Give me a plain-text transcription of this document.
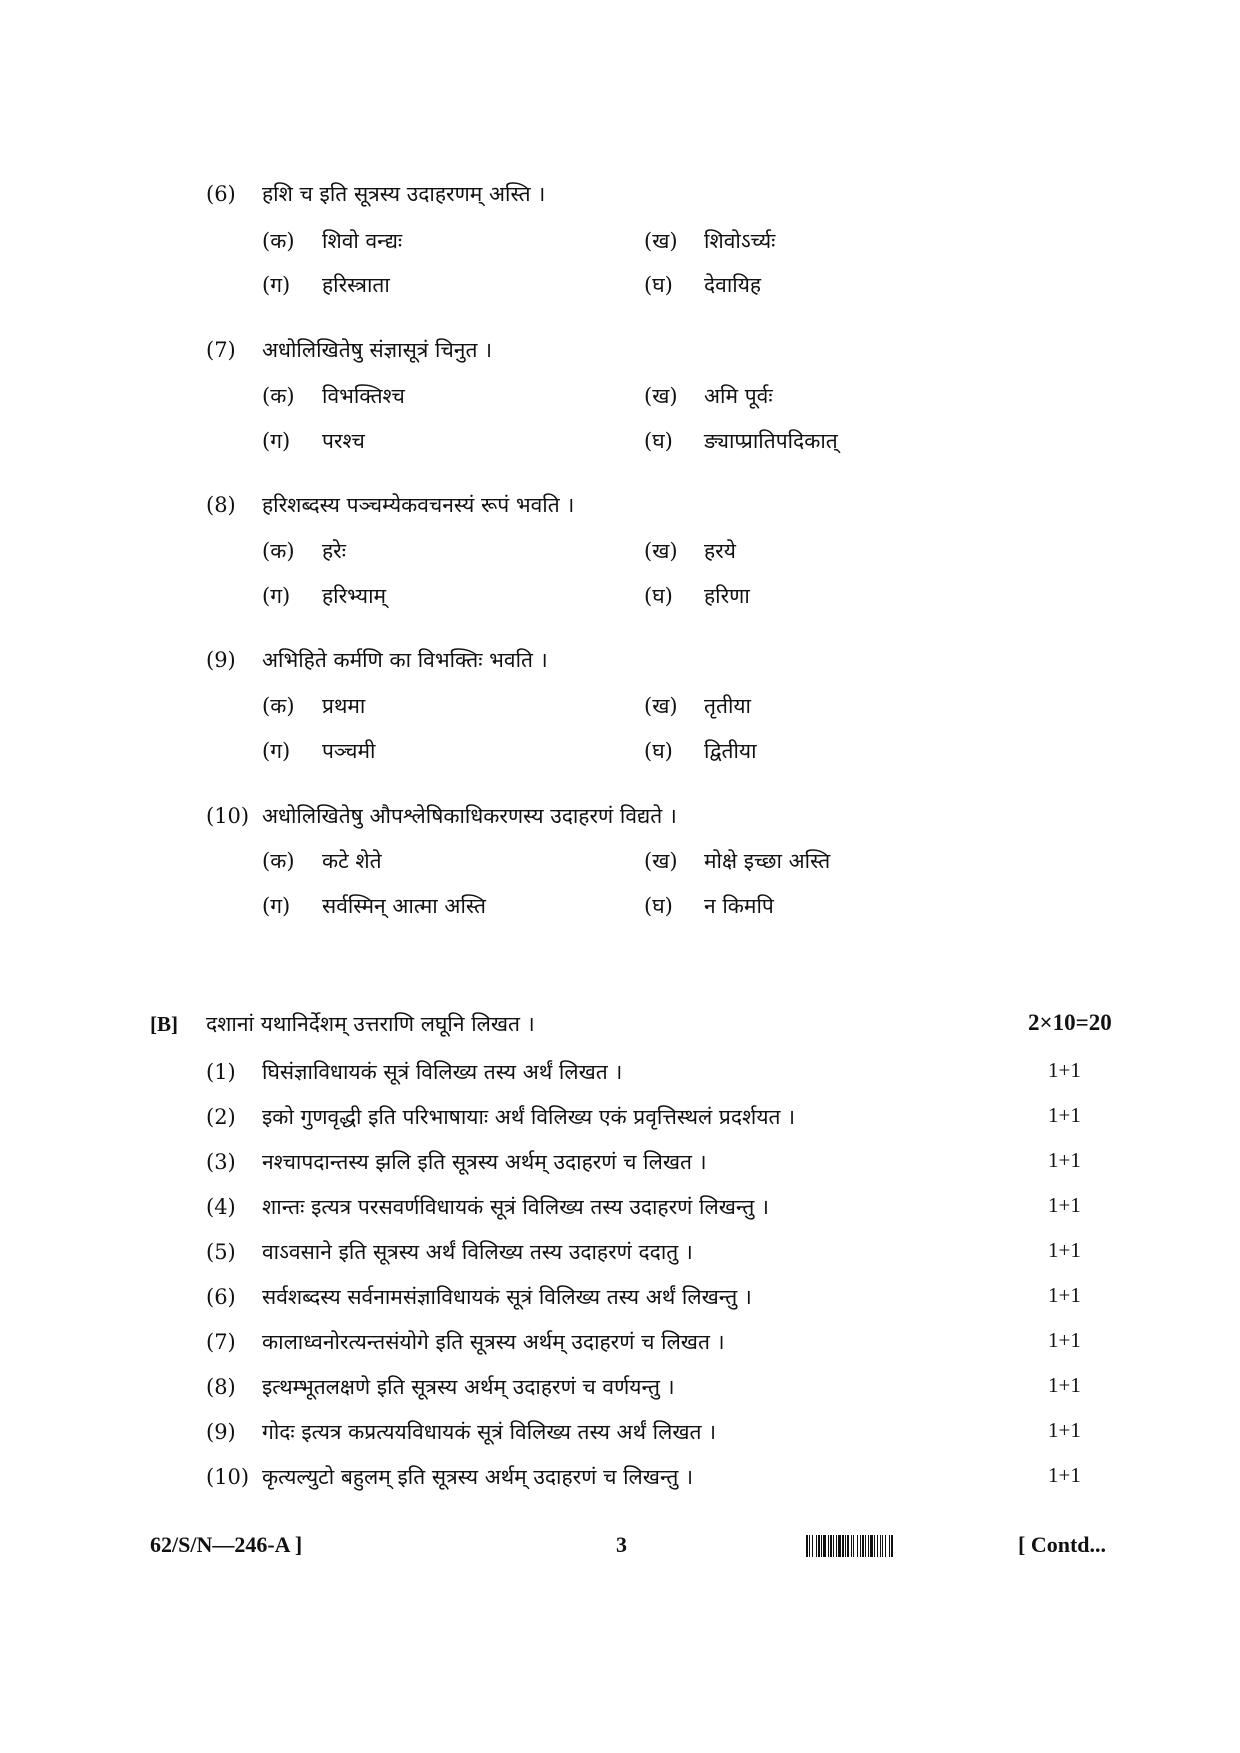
(6) हशि च इति सूत्रस्य उदाहरणम् अस्ति ।
(क) शिवो वन्द्यः	(ख) शिवोऽर्च्यः
(ग) हरिस्त्राता	(घ) देवायिह
(7) अधोलिखितेषु संज्ञासूत्रं चिनुत ।
(क) विभक्तिश्च	(ख) अमि पूर्वः
(ग) परश्च	(घ) ङ्याप्प्रातिपदिकात्
(8) हरिशब्दस्य पञ्चम्येकवचनस्यं रूपं भवति ।
(क) हरेः	(ख) हरये
(ग) हरिभ्याम्	(घ) हरिणा
(9) अभिहिते कर्मणि का विभक्तिः भवति ।
(क) प्रथमा	(ख) तृतीया
(ग) पञ्चमी	(घ) द्वितीया
(10) अधोलिखितेषु औपश्लेषिकाधिकरणस्य उदाहरणं विद्यते ।
(क) कटे शेते	(ख) मोक्षे इच्छा अस्ति
(ग) सर्वस्मिन् आत्मा अस्ति	(घ) न किमपि
[B] दशानां यथानिर्देशम् उत्तराणि लघूनि लिखत ।	2×10=20
(1) घिसंज्ञाविधायकं सूत्रं विलिख्य तस्य अर्थं लिखत ।	1+1
(2) इको गुणवृद्धी इति परिभाषायाः अर्थं विलिख्य एकं प्रवृत्तिस्थलं प्रदर्शयत ।	1+1
(3) नश्चापदान्तस्य झलि इति सूत्रस्य अर्थम् उदाहरणं च लिखत ।	1+1
(4) शान्तः इत्यत्र परसवर्णविधायकं सूत्रं विलिख्य तस्य उदाहरणं लिखन्तु ।	1+1
(5) वाऽवसाने इति सूत्रस्य अर्थं विलिख्य तस्य उदाहरणं ददातु ।	1+1
(6) सर्वशब्दस्य सर्वनामसंज्ञाविधायकं सूत्रं विलिख्य तस्य अर्थं लिखन्तु ।	1+1
(7) कालाध्वनोरत्यन्तसंयोगे इति सूत्रस्य अर्थम् उदाहरणं च लिखत ।	1+1
(8) इत्थम्भूतलक्षणे इति सूत्रस्य अर्थम् उदाहरणं च वर्णयन्तु ।	1+1
(9) गोदः इत्यत्र कप्रत्ययविधायकं सूत्रं विलिख्य तस्य अर्थं लिखत ।	1+1
(10) कृत्यल्युटो बहुलम् इति सूत्रस्य अर्थम् उदाहरणं च लिखन्तु ।	1+1
62/S/N—246-A ]	3	[ Contd...
